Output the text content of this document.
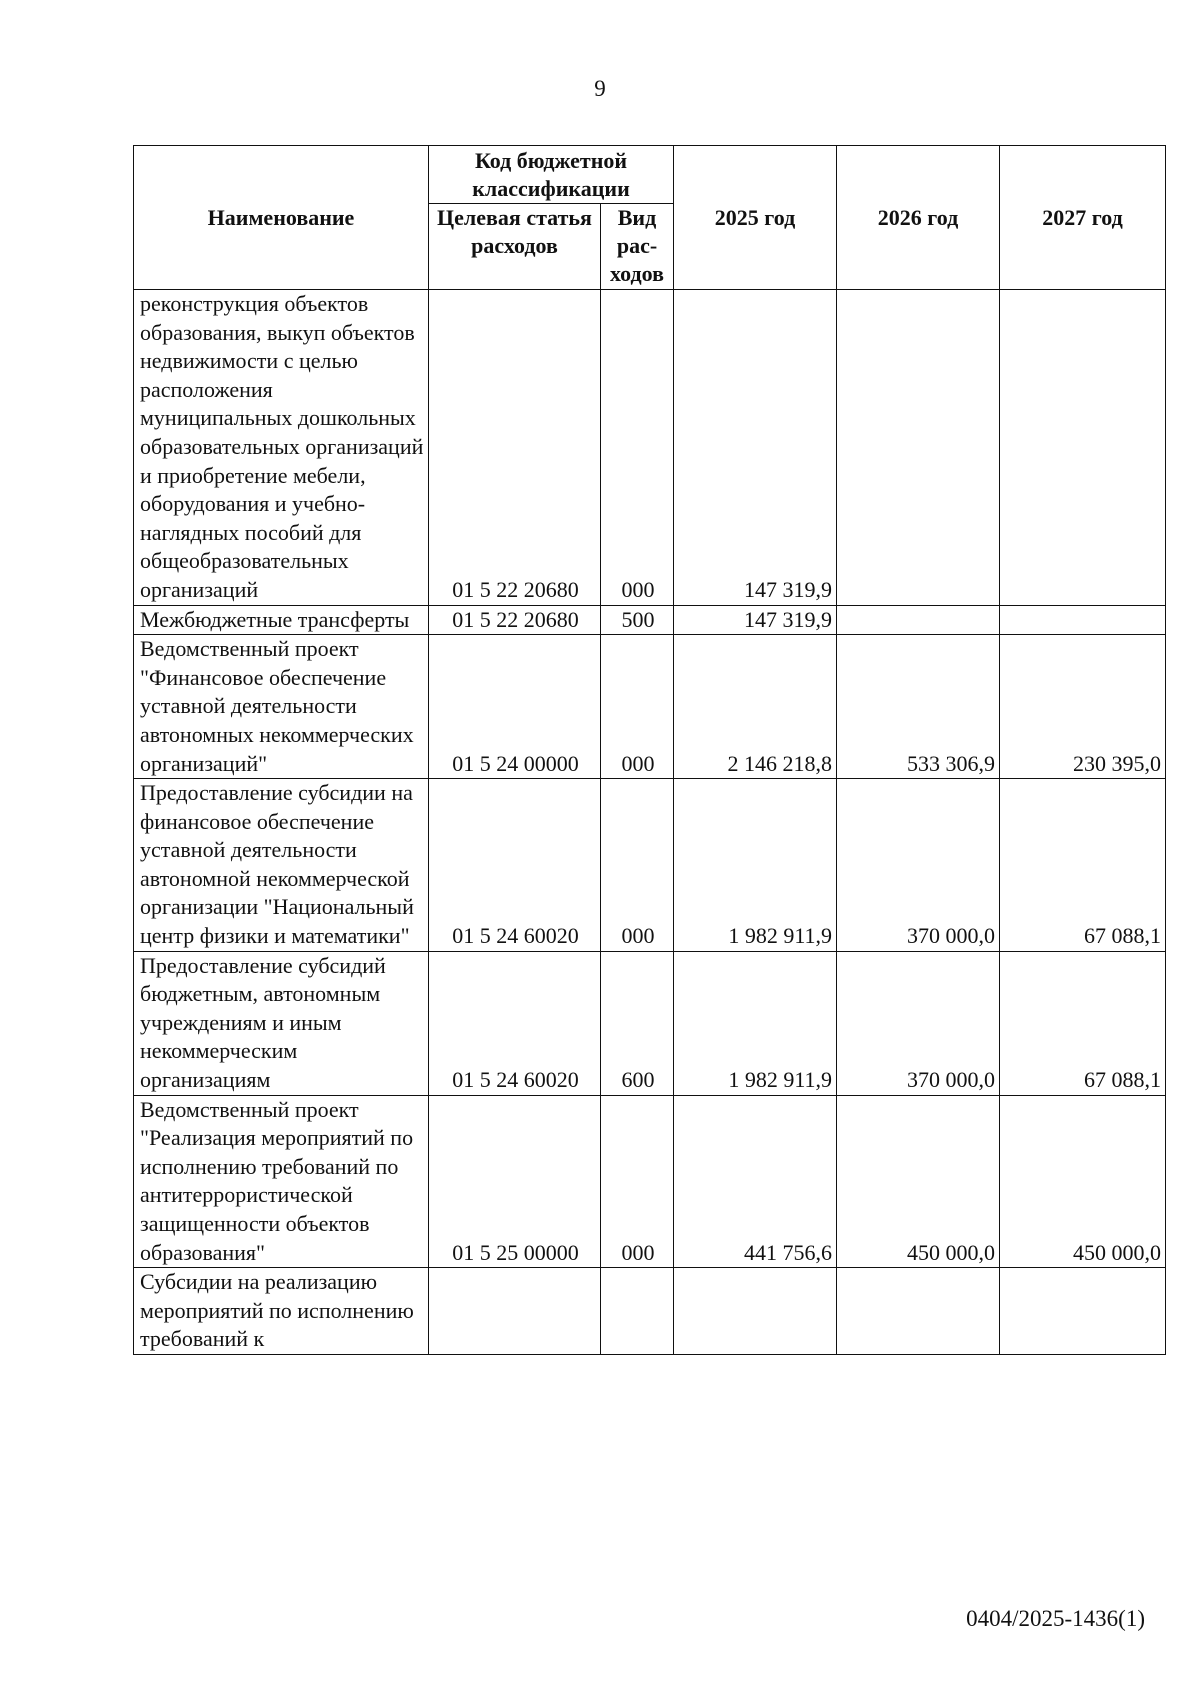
9
Наименование	Код бюджетной классификации		2025 год	2026 год	2027 год
	Целевая статья расходов	Вид рас-ходов			
реконструкция объектов образования, выкуп объектов недвижимости с целью расположения муниципальных дошкольных образовательных организаций и приобретение мебели, оборудования и учебно-наглядных пособий для общеобразовательных организаций	01 5 22 20680	000	147 319,9		
Межбюджетные трансферты	01 5 22 20680	500	147 319,9		
Ведомственный проект "Финансовое обеспечение уставной деятельности автономных некоммерческих организаций"	01 5 24 00000	000	2 146 218,8	533 306,9	230 395,0
Предоставление субсидии на финансовое обеспечение уставной деятельности автономной некоммерческой организации "Национальный центр физики и математики"	01 5 24 60020	000	1 982 911,9	370 000,0	67 088,1
Предоставление субсидий бюджетным, автономным учреждениям и иным некоммерческим организациям	01 5 24 60020	600	1 982 911,9	370 000,0	67 088,1
Ведомственный проект "Реализация мероприятий по исполнению требований по антитеррористической защищенности объектов образования"	01 5 25 00000	000	441 756,6	450 000,0	450 000,0
Субсидии на реализацию мероприятий по исполнению требований к					
0404/2025-1436(1)
